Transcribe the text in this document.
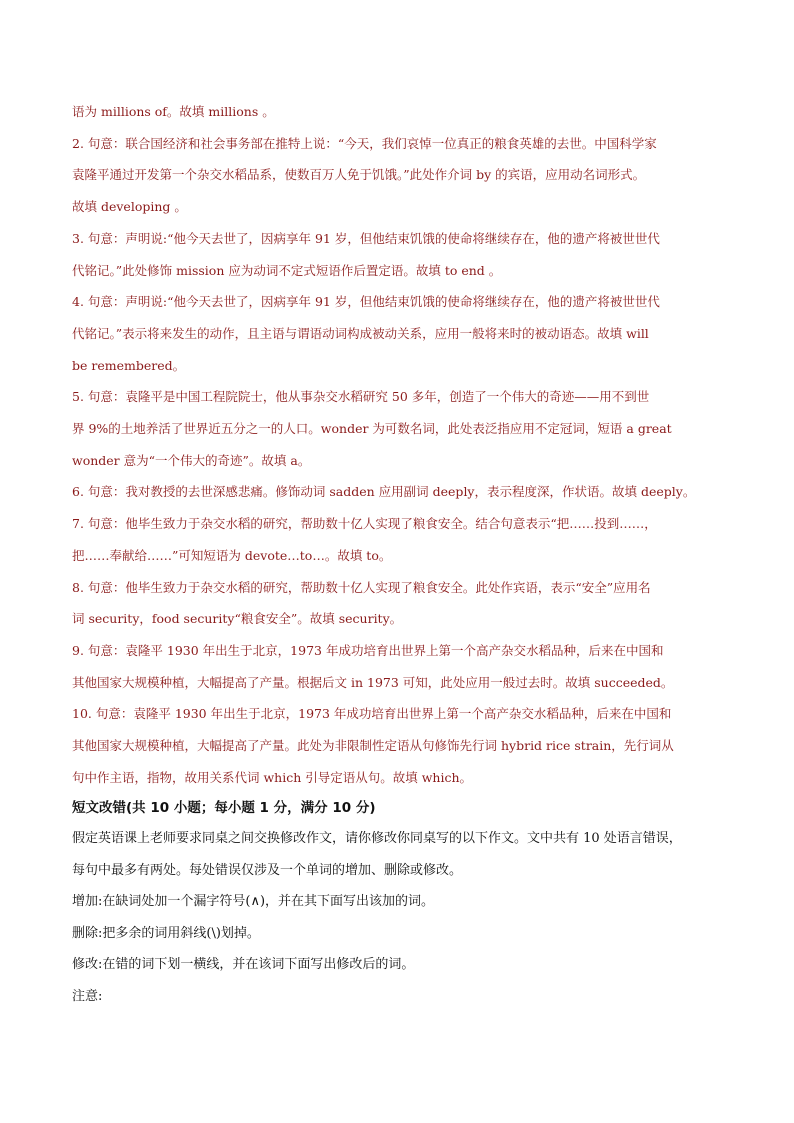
语为 millions of。故填 millions 。

2. 句意：联合国经济和社会事务部在推特上说：“今天，我们哀悼一位真正的粮食英雄的去世。中国科学家

袁隆平通过开发第一个杂交水稻品系，使数百万人免于饥饿。”此处作介词 by 的宾语，应用动名词形式。

故填 developing 。

3. 句意：声明说:“他今天去世了，因病享年 91 岁，但他结束饥饿的使命将继续存在，他的遗产将被世世代

代铭记。”此处修饰 mission 应为动词不定式短语作后置定语。故填 to end 。

4. 句意：声明说:“他今天去世了，因病享年 91 岁，但他结束饥饿的使命将继续存在，他的遗产将被世世代

代铭记。”表示将来发生的动作，且主语与谓语动词构成被动关系，应用一般将来时的被动语态。故填 will

be remembered。

5. 句意：袁隆平是中国工程院院士，他从事杂交水稻研究 50 多年，创造了一个伟大的奇迹——用不到世

界 9%的土地养活了世界近五分之一的人口。wonder 为可数名词，此处表泛指应用不定冠词，短语 a great

wonder 意为“一个伟大的奇迹”。故填 a。

6. 句意：我对教授的去世深感悲痛。修饰动词 sadden 应用副词 deeply，表示程度深，作状语。故填 deeply。

7. 句意：他毕生致力于杂交水稻的研究，帮助数十亿人实现了粮食安全。结合句意表示“把……投到……，

把……奉献给……”可知短语为 devote…to…。故填 to。

8. 句意：他毕生致力于杂交水稻的研究，帮助数十亿人实现了粮食安全。此处作宾语，表示“安全”应用名

词 security，food security“粮食安全”。故填 security。

9. 句意：袁隆平 1930 年出生于北京，1973 年成功培育出世界上第一个高产杂交水稻品种，后来在中国和

其他国家大规模种植，大幅提高了产量。根据后文 in 1973 可知，此处应用一般过去时。故填 succeeded。

10. 句意：袁隆平 1930 年出生于北京，1973 年成功培育出世界上第一个高产杂交水稻品种，后来在中国和

其他国家大规模种植，大幅提高了产量。此处为非限制性定语从句修饰先行词 hybrid rice strain，先行词从

句中作主语，指物，故用关系代词 which 引导定语从句。故填 which。

短文改错(共 10 小题；每小题 1 分，满分 10 分)

假定英语课上老师要求同桌之间交换修改作文，请你修改你同桌写的以下作文。文中共有 10 处语言错误，

每句中最多有两处。每处错误仅涉及一个单词的增加、删除或修改。

增加:在缺词处加一个漏字符号(∧)，并在其下面写出该加的词。

删除:把多余的词用斜线(\)划掉。

修改:在错的词下划一横线，并在该词下面写出修改后的词。

注意:
